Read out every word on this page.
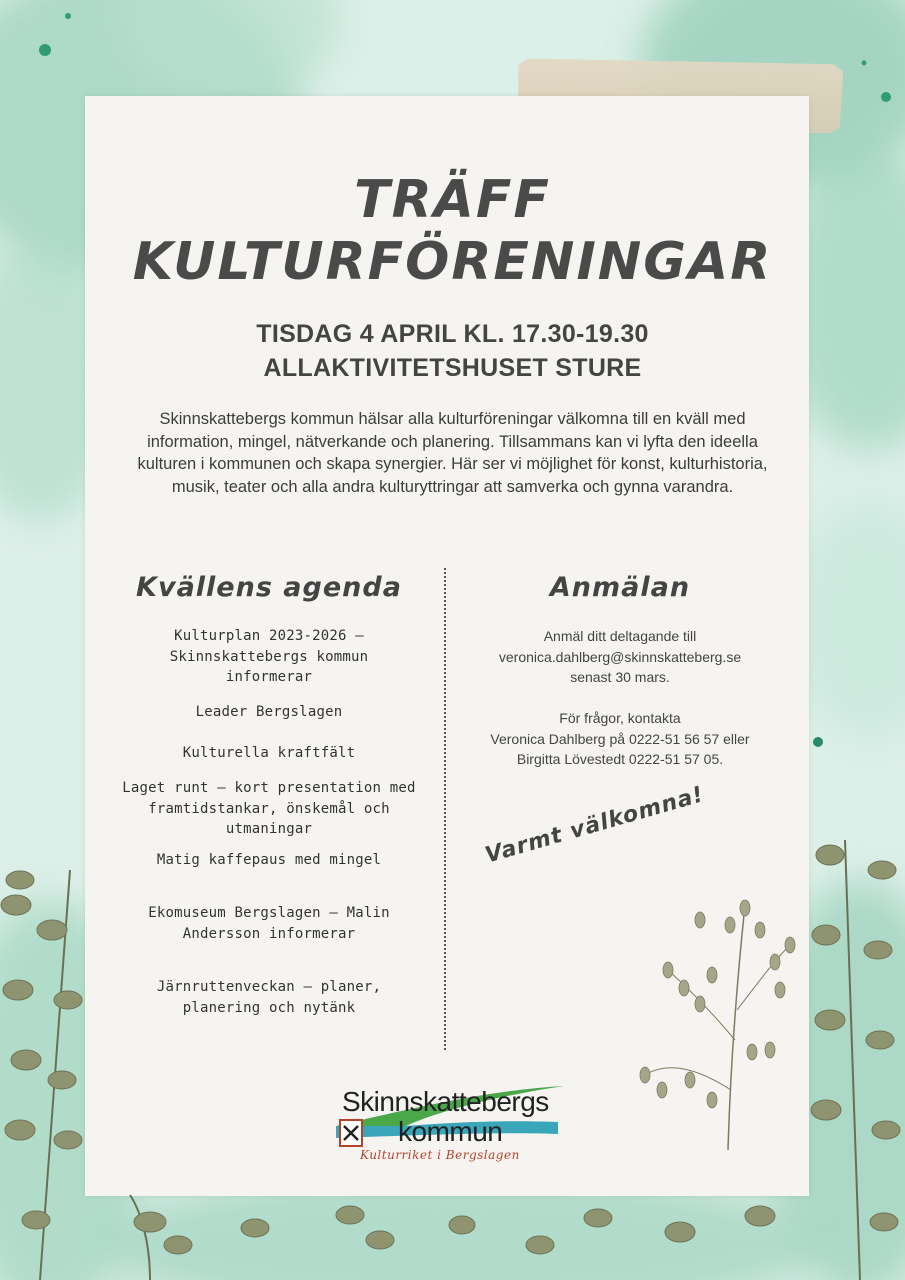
TRÄFF
KULTURFÖRENINGAR
TISDAG 4 APRIL KL. 17.30-19.30
ALLAKTIVITETSHUSET STURE
Skinnskattebergs kommun hälsar alla kulturföreningar välkomna till en kväll med
information, mingel, nätverkande och planering. Tillsammans kan vi lyfta den ideella
kulturen i kommunen och skapa synergier. Här ser vi möjlighet för konst, kulturhistoria,
musik, teater och alla andra kulturyttringar att samverka och gynna varandra.
Kvällens agenda
Kulturplan 2023-2026 –
Skinnskattebergs kommun
informerar
Leader Bergslagen
Kulturella kraftfält
Laget runt – kort presentation med
framtidstankar, önskemål och
utmaningar
Matig kaffepaus med mingel
Ekomuseum Bergslagen – Malin
Andersson informerar
Järnruttenveckan – planer,
planering och nytänk
Anmälan
Anmäl ditt deltagande till
veronica.dahlberg@skinnskatteberg.se
senast 30 mars.
För frågor, kontakta
Veronica Dahlberg på 0222-51 56 57 eller
Birgitta Lövestedt 0222-51 57 05.
Varmt välkomna!
Skinnskattebergs
kommun
Kulturriket i Bergslagen
